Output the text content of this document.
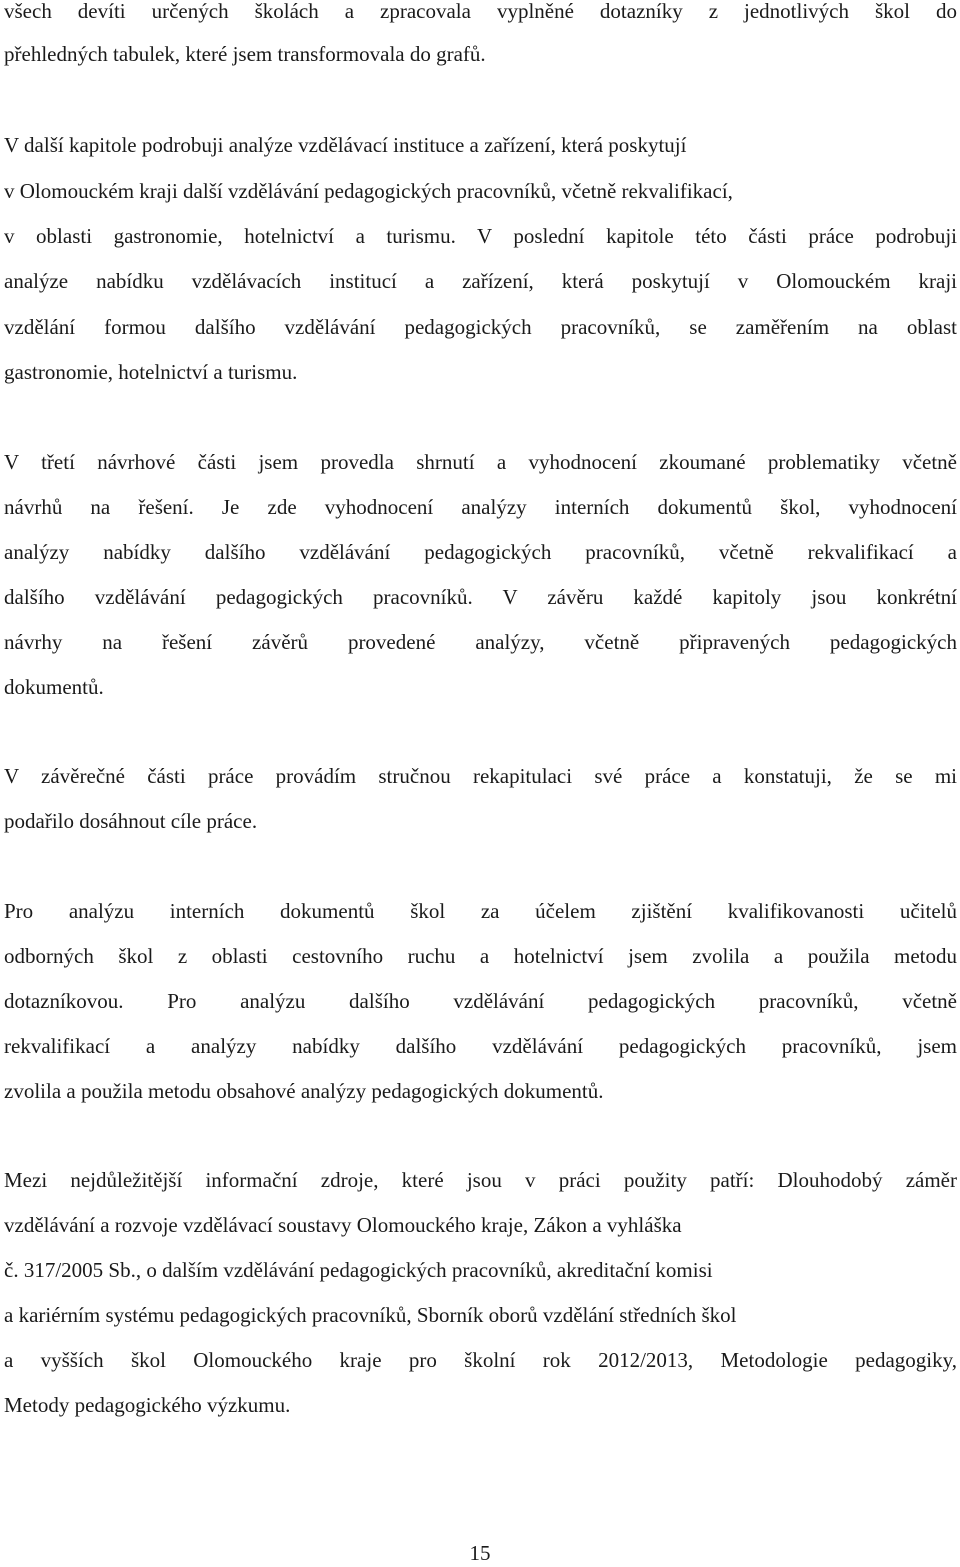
všech devíti určených školách a zpracovala vyplněné dotazníky z jednotlivých škol do
přehledných tabulek, které jsem transformovala do grafů.
V další kapitole podrobuji analýze vzdělávací instituce a zařízení, která poskytují
v Olomouckém kraji další vzdělávání pedagogických pracovníků, včetně rekvalifikací,
v oblasti gastronomie, hotelnictví a turismu. V poslední kapitole této části práce podrobuji
analýze nabídku vzdělávacích institucí a zařízení, která poskytují v Olomouckém kraji
vzdělání formou dalšího vzdělávání pedagogických pracovníků, se zaměřením na oblast
gastronomie, hotelnictví a turismu.
V třetí návrhové části jsem provedla shrnutí a vyhodnocení zkoumané problematiky včetně
návrhů na řešení. Je zde vyhodnocení analýzy interních dokumentů škol, vyhodnocení
analýzy nabídky dalšího vzdělávání pedagogických pracovníků, včetně rekvalifikací a
dalšího vzdělávání pedagogických pracovníků. V závěru každé kapitoly jsou konkrétní
návrhy na řešení závěrů provedené analýzy, včetně připravených pedagogických
dokumentů.
V závěrečné části práce provádím stručnou rekapitulaci své práce a konstatuji, že se mi
podařilo dosáhnout cíle práce.
Pro analýzu interních dokumentů škol za účelem zjištění kvalifikovanosti učitelů
odborných škol z oblasti cestovního ruchu a hotelnictví jsem zvolila a použila metodu
dotazníkovou. Pro analýzu dalšího vzdělávání pedagogických pracovníků, včetně
rekvalifikací a analýzy nabídky dalšího vzdělávání pedagogických pracovníků, jsem
zvolila a použila metodu obsahové analýzy pedagogických dokumentů.
Mezi nejdůležitější informační zdroje, které jsou v práci použity patří: Dlouhodobý záměr
vzdělávání a rozvoje vzdělávací soustavy Olomouckého kraje, Zákon a vyhláška
č. 317/2005 Sb., o dalším vzdělávání pedagogických pracovníků, akreditační komisi
a kariérním systému pedagogických pracovníků, Sborník oborů vzdělání středních škol
a vyšších škol Olomouckého kraje pro školní rok 2012/2013, Metodologie pedagogiky,
Metody pedagogického výzkumu.
15
